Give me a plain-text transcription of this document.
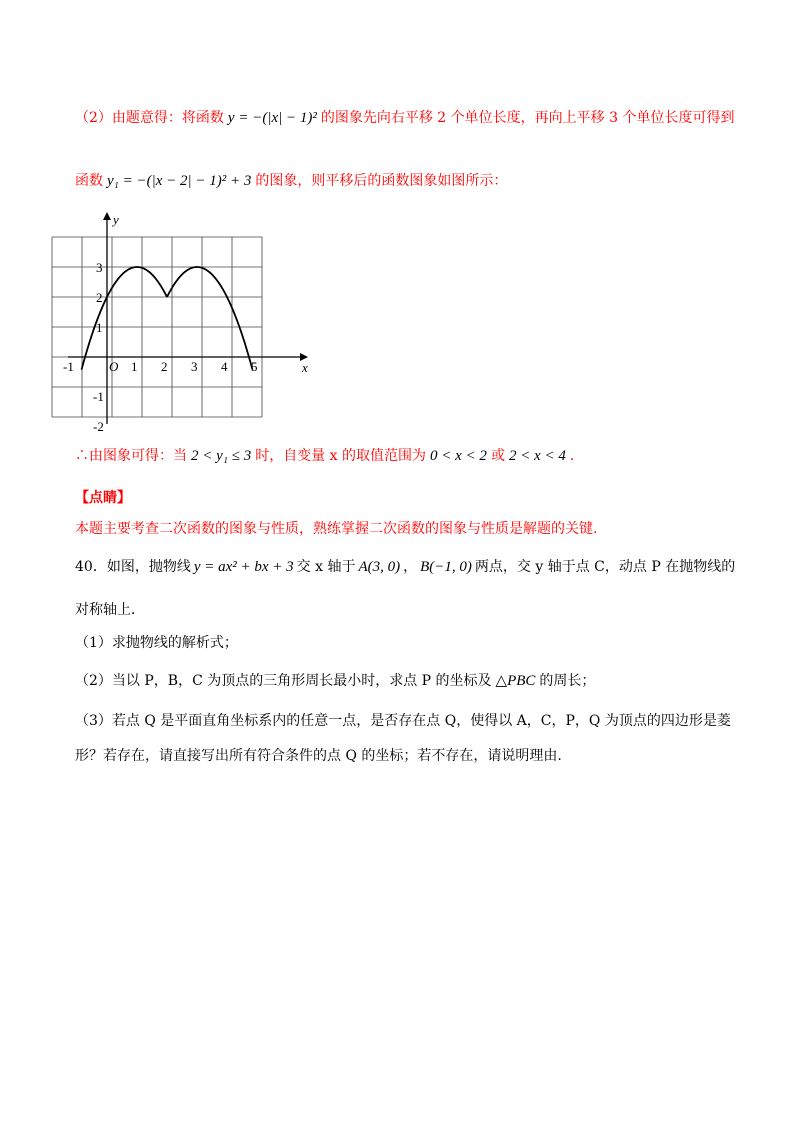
（2）由题意得：将函数 y = −(|x| − 1)² 的图象先向右平移 2 个单位长度，再向上平移 3 个单位长度可得到
函数 y₁ = −(|x − 2| − 1)² + 3 的图象，则平移后的函数图象如图所示：
x
y
O
-1	1 2 3 4 5
3
2
1
-1
-2
∴由图象可得：当 2 < y₁ ≤ 3 时，自变量 x 的取值范围为 0 < x < 2 或 2 < x < 4 .
【点睛】
本题主要考查二次函数的图象与性质，熟练掌握二次函数的图象与性质是解题的关键.
40．如图，抛物线 y = ax² + bx + 3 交 x 轴于 A(3, 0) ， B(−1, 0) 两点，交 y 轴于点 C，动点 P 在抛物线的
对称轴上．
（1）求抛物线的解析式；
（2）当以 P，B，C 为顶点的三角形周长最小时，求点 P 的坐标及 △PBC 的周长；
（3）若点 Q 是平面直角坐标系内的任意一点，是否存在点 Q，使得以 A，C，P，Q 为顶点的四边形是菱
形？若存在，请直接写出所有符合条件的点 Q 的坐标；若不存在，请说明理由.
